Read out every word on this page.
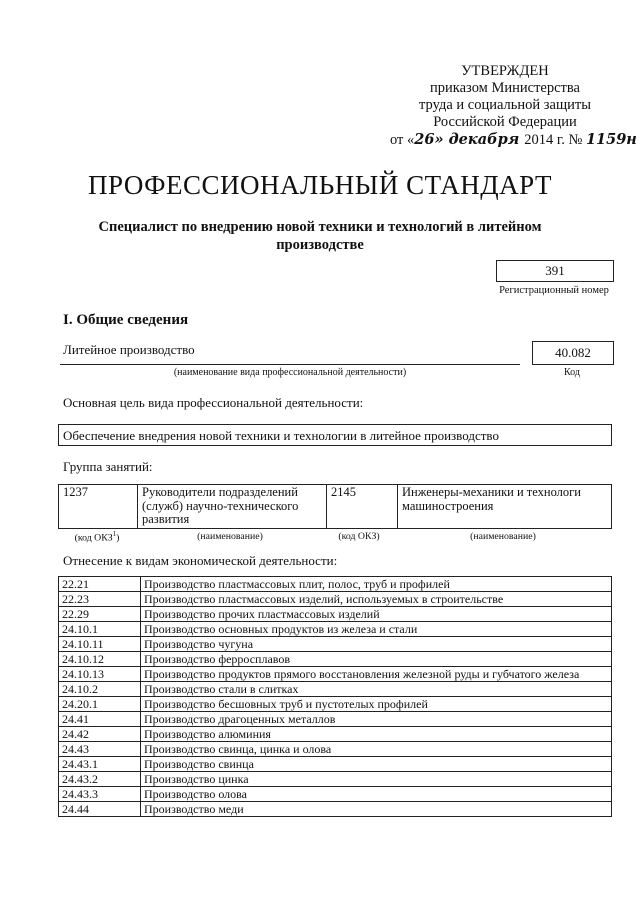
УТВЕРЖДЕН
приказом Министерства
труда и социальной защиты
Российской Федерации
от «26» декабря 2014 г. № 1159н
ПРОФЕССИОНАЛЬНЫЙ СТАНДАРТ
Специалист по внедрению новой техники и технологий в литейном производстве
391
Регистрационный номер
I. Общие сведения
Литейное производство
(наименование вида профессиональной деятельности)
40.082
Код
Основная цель вида профессиональной деятельности:
Обеспечение внедрения новой техники и технологии в литейное производство
Группа занятий:
1237	Руководители подразделений (служб) научно-технического развития	2145	Инженеры-механики и технологи машиностроения
(код ОКЗ$^1$)	(наименование)	(код ОКЗ)	(наименование)
Отнесение к видам экономической деятельности:
22.21	Производство пластмассовых плит, полос, труб и профилей
22.23	Производство пластмассовых изделий, используемых в строительстве
22.29	Производство прочих пластмассовых изделий
24.10.1	Производство основных продуктов из железа и стали
24.10.11	Производство чугуна
24.10.12	Производство ферросплавов
24.10.13	Производство продуктов прямого восстановления железной руды и губчатого железа
24.10.2	Производство стали в слитках
24.20.1	Производство бесшовных труб и пустотелых профилей
24.41	Производство драгоценных металлов
24.42	Производство алюминия
24.43	Производство свинца, цинка и олова
24.43.1	Производство свинца
24.43.2	Производство цинка
24.43.3	Производство олова
24.44	Производство меди
